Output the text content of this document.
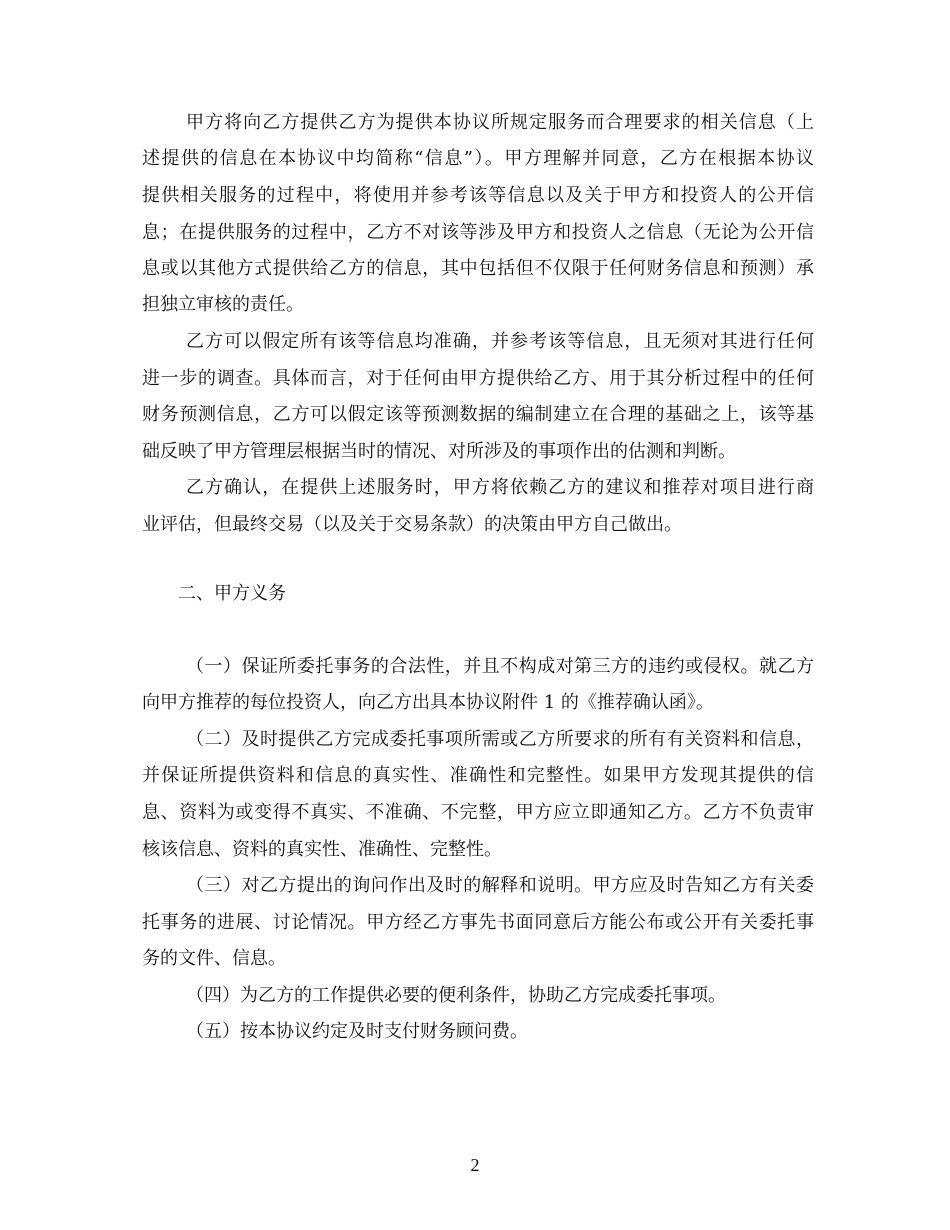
甲方将向乙方提供乙方为提供本协议所规定服务而合理要求的相关信息（上
述提供的信息在本协议中均简称“信息”）。甲方理解并同意，乙方在根据本协议
提供相关服务的过程中，将使用并参考该等信息以及关于甲方和投资人的公开信
息；在提供服务的过程中，乙方不对该等涉及甲方和投资人之信息（无论为公开信
息或以其他方式提供给乙方的信息，其中包括但不仅限于任何财务信息和预测）承
担独立审核的责任。
乙方可以假定所有该等信息均准确，并参考该等信息，且无须对其进行任何
进一步的调查。具体而言，对于任何由甲方提供给乙方、用于其分析过程中的任何
财务预测信息，乙方可以假定该等预测数据的编制建立在合理的基础之上，该等基
础反映了甲方管理层根据当时的情况、对所涉及的事项作出的估测和判断。
乙方确认，在提供上述服务时，甲方将依赖乙方的建议和推荐对项目进行商
业评估，但最终交易（以及关于交易条款）的决策由甲方自己做出。
二、甲方义务
（一）保证所委托事务的合法性，并且不构成对第三方的违约或侵权。就乙方
向甲方推荐的每位投资人，向乙方出具本协议附件 1 的《推荐确认函》。
（二）及时提供乙方完成委托事项所需或乙方所要求的所有有关资料和信息，
并保证所提供资料和信息的真实性、准确性和完整性。如果甲方发现其提供的信
息、资料为或变得不真实、不准确、不完整，甲方应立即通知乙方。乙方不负责审
核该信息、资料的真实性、准确性、完整性。
（三）对乙方提出的询问作出及时的解释和说明。甲方应及时告知乙方有关委
托事务的进展、讨论情况。甲方经乙方事先书面同意后方能公布或公开有关委托事
务的文件、信息。
（四）为乙方的工作提供必要的便利条件，协助乙方完成委托事项。
（五）按本协议约定及时支付财务顾问费。
2
